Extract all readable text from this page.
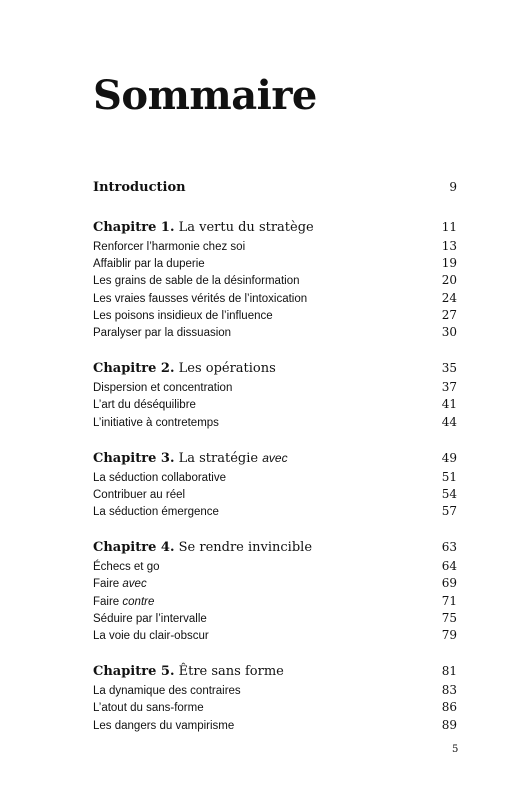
Sommaire
Introduction	9
Chapitre 1. La vertu du stratège	11
Renforcer l’harmonie chez soi	13
Affaiblir par la duperie	19
Les grains de sable de la désinformation	20
Les vraies fausses vérités de l’intoxication	24
Les poisons insidieux de l’influence	27
Paralyser par la dissuasion	30
Chapitre 2. Les opérations	35
Dispersion et concentration	37
L’art du déséquilibre	41
L’initiative à contretemps	44
Chapitre 3. La stratégie avec	49
La séduction collaborative	51
Contribuer au réel	54
La séduction émergence	57
Chapitre 4. Se rendre invincible	63
Échecs et go	64
Faire avec	69
Faire contre	71
Séduire par l’intervalle	75
La voie du clair-obscur	79
Chapitre 5. Être sans forme	81
La dynamique des contraires	83
L’atout du sans-forme	86
Les dangers du vampirisme	89
5
